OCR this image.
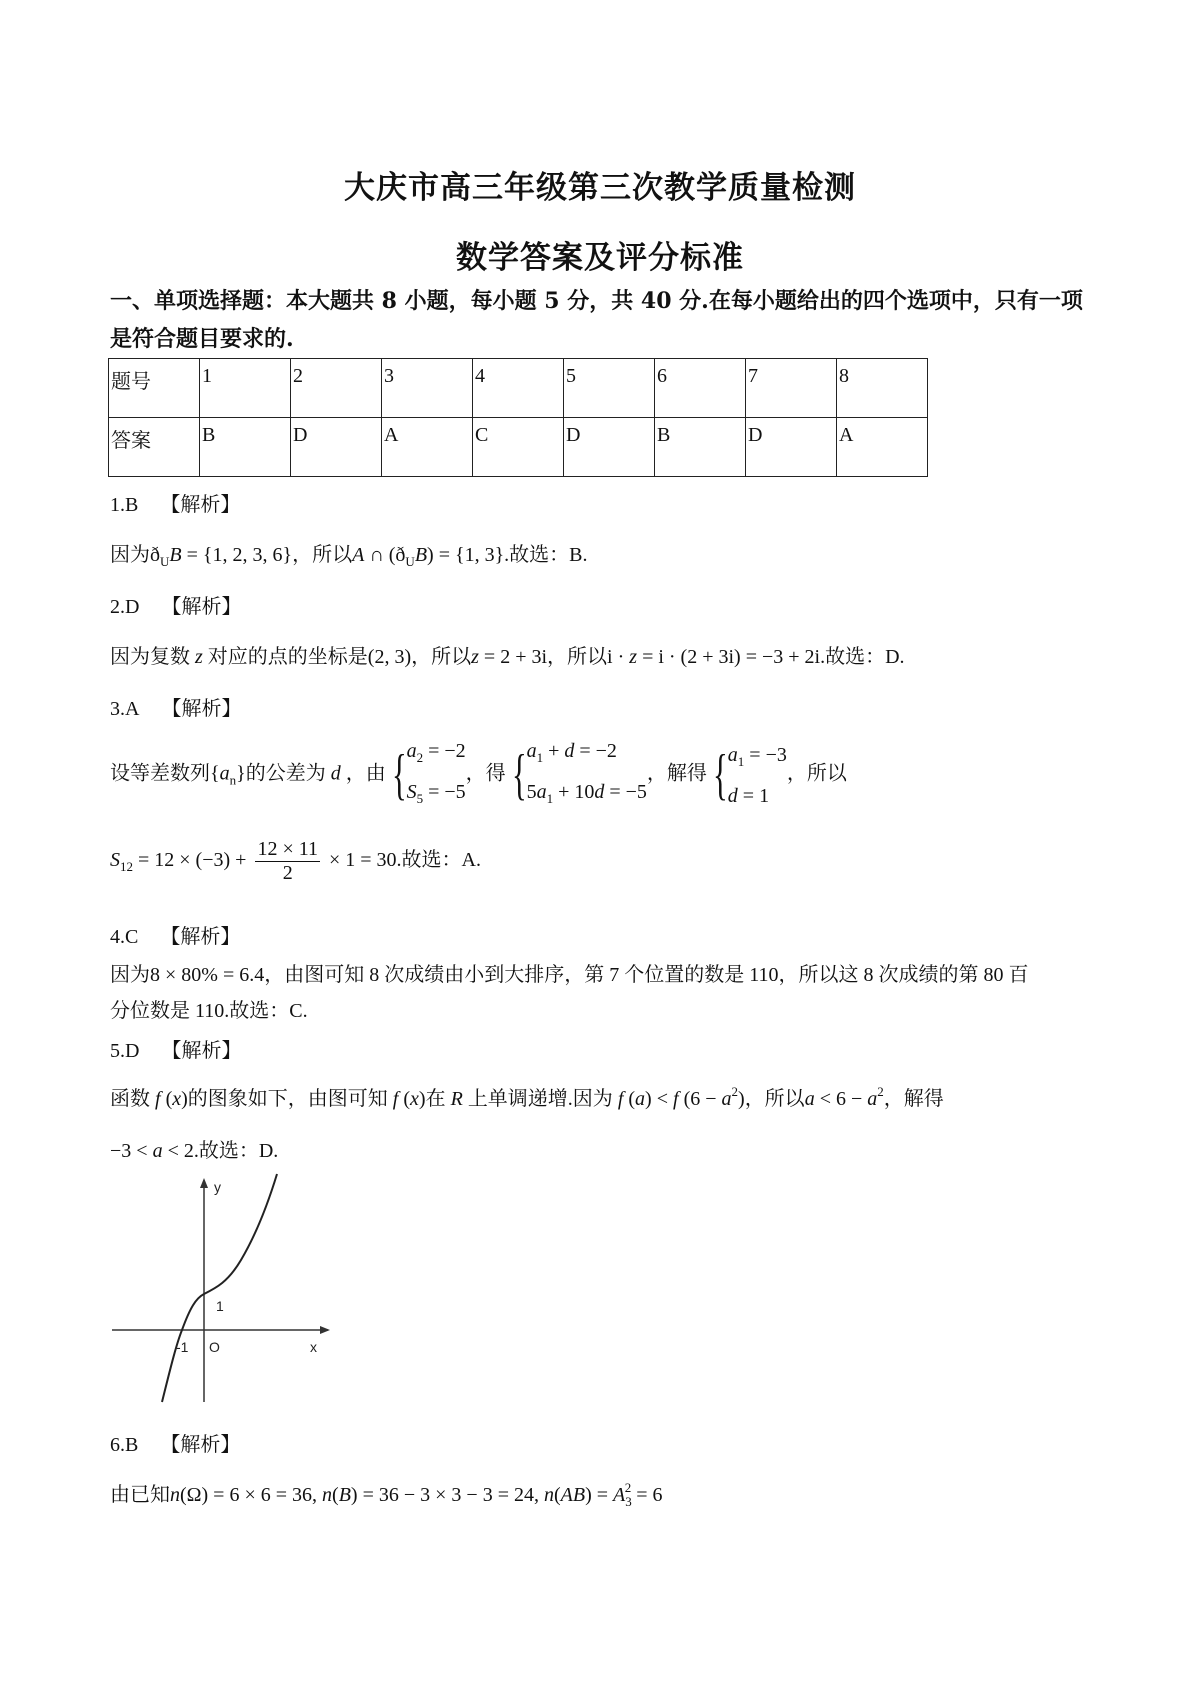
大庆市高三年级第三次教学质量检测
数学答案及评分标准
一、单项选择题：本大题共 8 小题，每小题 5 分，共 40 分.在每小题给出的四个选项中，只有一项是符合题目要求的.
题号	1	2	3	4	5	6	7	8
答案	B	D	A	C	D	B	D	A
1.B 【解析】
因为$ð_UB = \{1$, 2, 3, 6}，所以A ∩ $(ð_UB) = \{1$, 3}.故选：B.
2.D 【解析】
因为复数 z 对应的点的坐标是(2, 3)，所以z = 2 + 3i，所以i · z = i · (2 + 3i) = −3 + 2i.故选：D.
3.A 【解析】
设等差数列$\{a_n\}$的公差为 d ，由 {$a_2 = -2$
$S_5 = -5$，得 {$a_1 + d = -2$
$5a_1 + 10d = -5$，解得 {$a_1 = -3$
d = 1，所以
$S_{12} = 12 \times (-3) + \frac{12 \times 11}{2} \times 1 = 30$.故选：A.
4.C 【解析】
因为8 × 80% = 6.4，由图可知 8 次成绩由小到大排序，第 7 个位置的数是 110，所以这 8 次成绩的第 80 百
分位数是 110.故选：C.
5.D 【解析】
函数 f (x)的图象如下，由图可知 f (x)在 R 上单调递增.因为 f (a) < f $(6 - a^2)$，所以$a < 6 - a^2$，解得
−3 < a < 2.故选：D.
y
x
O
-1
1
6.B 【解析】
由已知n(Ω) = 6 × 6 = 36, n(B) = 36 − 3 × 3 − 3 = 24, $n(AB) = A_3^2 = 6$
